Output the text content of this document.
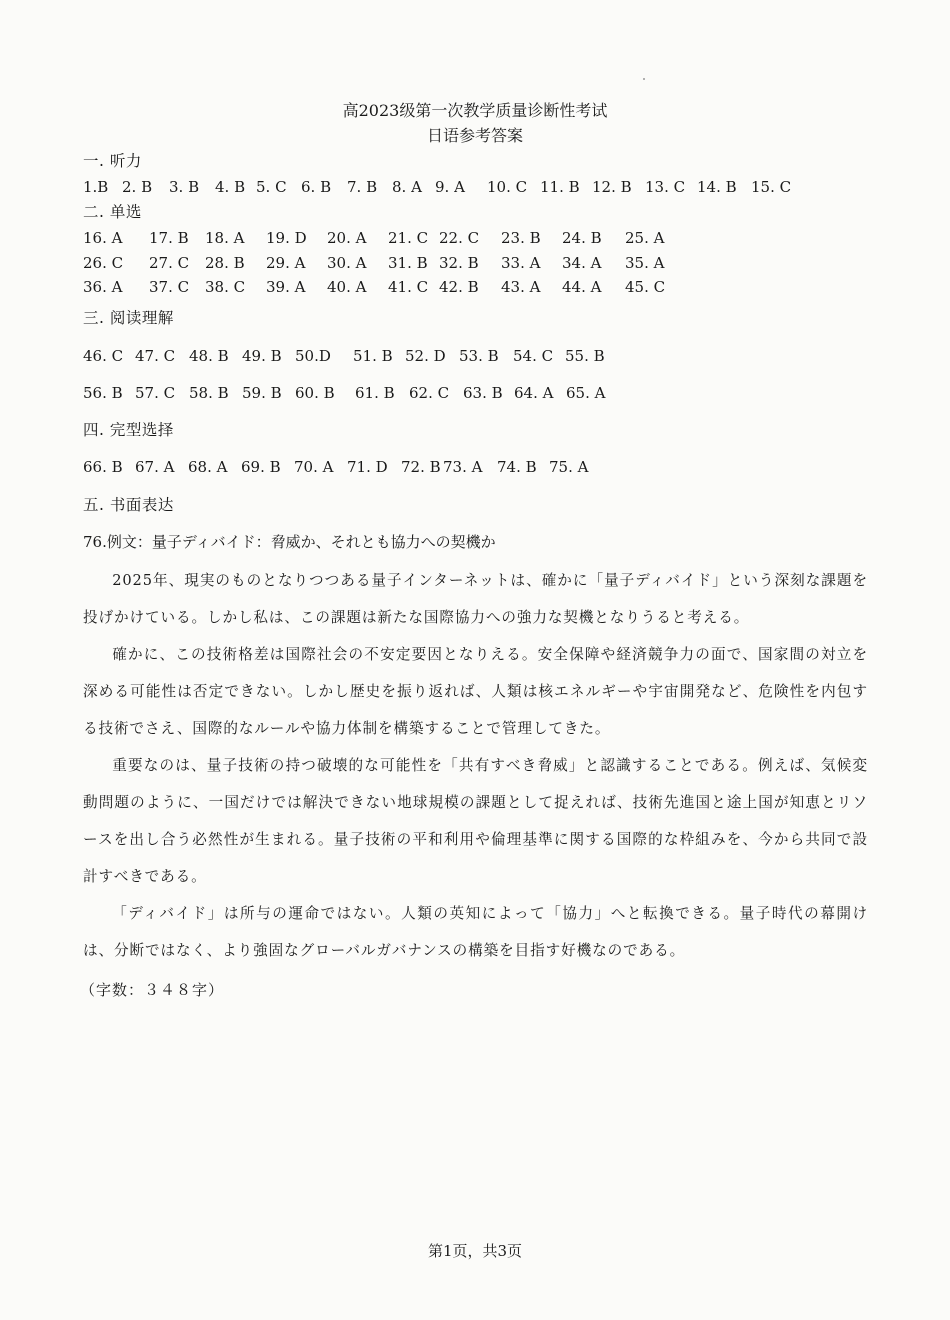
高2023级第一次教学质量诊断性考试
日语参考答案
一. 听力
1.B 2. B 3. B 4. B 5. C 6. B 7. B 8. A 9. A 10. C 11. B 12. B 13. C 14. B 15. C
二. 单选
16. A 17. B 18. A 19. D 20. A 21. C 22. C 23. B 24. B 25. A
26. C 27. C 28. B 29. A 30. A 31. B 32. B 33. A 34. A 35. A
36. A 37. C 38. C 39. A 40. A 41. C 42. B 43. A 44. A 45. C
三. 阅读理解
46. C 47. C 48. B 49. B 50.D 51. B 52. D 53. B 54. C 55. B
56. B 57. C 58. B 59. B 60. B 61. B 62. C 63. B 64. A 65. A
四. 完型选择
66. B 67. A 68. A 69. B 70. A 71. D 72. B 73. A 74. B 75. A
五. 书面表达
76.例文：量子ディバイド：脅威か、それとも協力への契機か

2025年、現実のものとなりつつある量子インターネットは、確かに「量子ディバイド」という深刻な課題を投げかけている。しかし私は、この課題は新たな国際協力への強力な契機となりうると考える。

確かに、この技術格差は国際社会の不安定要因となりえる。安全保障や経済競争力の面で、国家間の対立を深める可能性は否定できない。しかし歴史を振り返れば、人類は核エネルギーや宇宙開発など、危険性を内包する技術でさえ、国際的なルールや協力体制を構築することで管理してきた。

重要なのは、量子技術の持つ破壊的な可能性を「共有すべき脅威」と認識することである。例えば、気候変動問題のように、一国だけでは解決できない地球規模の課題として捉えれば、技術先進国と途上国が知恵とリソースを出し合う必然性が生まれる。量子技術の平和利用や倫理基準に関する国際的な枠組みを、今から共同で設計すべきである。

「ディバイド」は所与の運命ではない。人類の英知によって「協力」へと転換できる。量子時代の幕開けは、分断ではなく、より強固なグローバルガバナンスの構築を目指す好機なのである。

（字数：３４８字）
第1页，共3页
